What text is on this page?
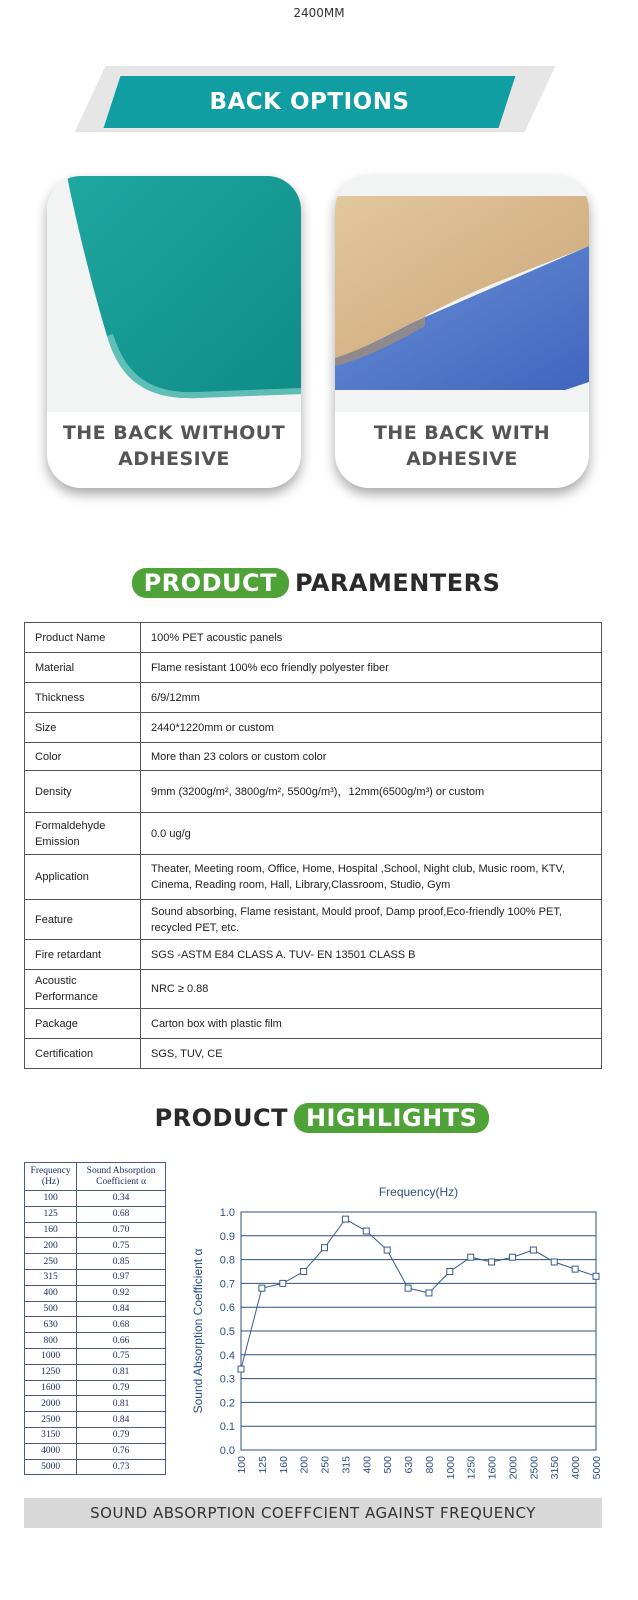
2400MM
BACK OPTIONS CUSTOMIZABLE
THE BACK WITHOUT
ADHESIVE
THE BACK WITH
ADHESIVE
PRODUCT PARAMENTERS
Product Name	100% PET acoustic panels
Material	Flame resistant 100% eco friendly polyester fiber
Thickness	6/9/12mm
Size	2440*1220mm or custom
Color	More than 23 colors or custom color
Density	9mm (3200g/m², 3800g/m², 5500g/m³)，12mm(6500g/m³) or custom
Formaldehyde Emission	0.0 ug/g
Application	Theater, Meeting room, Office, Home, Hospital ,School, Night club, Music room, KTV, Cinema, Reading room, Hall, Library,Classroom, Studio, Gym
Feature	Sound absorbing, Flame resistant, Mould proof, Damp proof,Eco-friendly 100% PET, recycled PET, etc.
Fire retardant	SGS -ASTM E84 CLASS A. TUV- EN 13501 CLASS B
Acoustic Performance	NRC ≥ 0.88
Package	Carton box with plastic film
Certification	SGS, TUV, CE
PRODUCT HIGHLIGHTS
Frequency
(Hz)	Sound Absorption
Coefficient α
100	0.34
125	0.68
160	0.70
200	0.75
250	0.85
315	0.97
400	0.92
500	0.84
630	0.68
800	0.66
1000	0.75
1250	0.81
1600	0.79
2000	0.81
2500	0.84
3150	0.79
4000	0.76
5000	0.73
Frequency(Hz)
0.0
0.1
0.2
0.3
0.4
0.5
0.6
0.7
0.8
0.9
1.0
Sound Absorption Coefficient α
100 125 160 200 250 315 400 500 630 800 1000 1250 1600 2000 2500 3150 4000 5000
SOUND ABSORPTION COEFFCIENT AGAINST FREQUENCY
